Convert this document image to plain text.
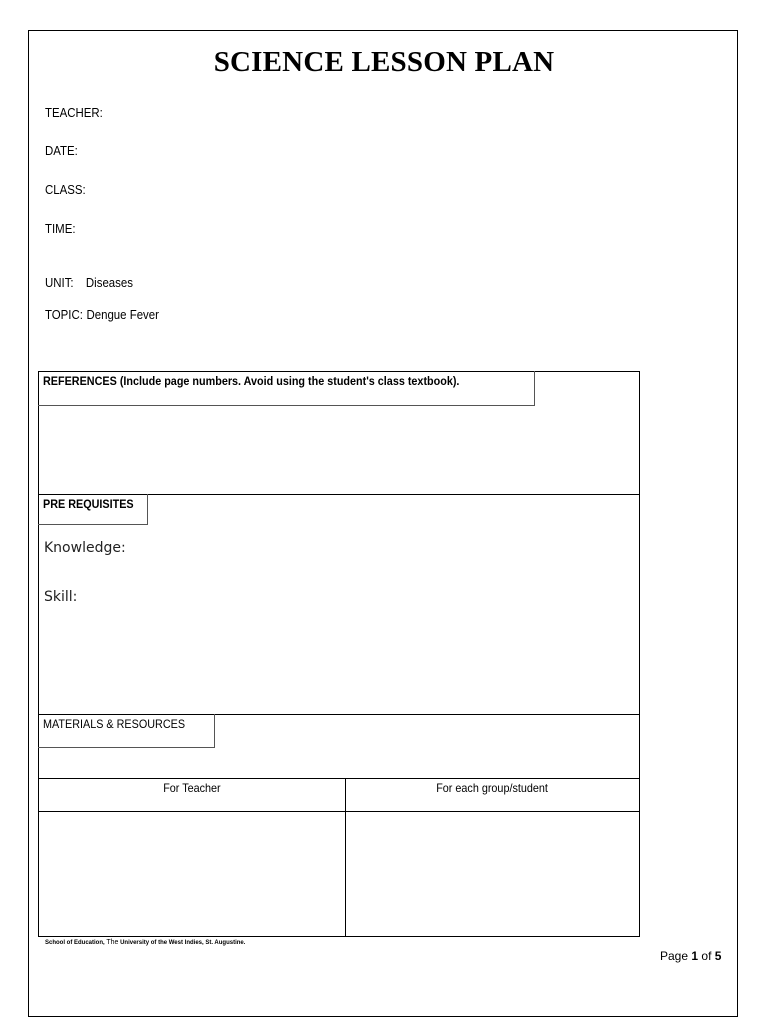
SCIENCE LESSON PLAN
TEACHER:
DATE:
CLASS:
TIME:
UNIT: Diseases
TOPIC: Dengue Fever
REFERENCES (Include page numbers. Avoid using the student's class textbook).
PRE REQUISITES
Knowledge:
Skill:
MATERIALS & RESOURCES
For Teacher	For each group/student
School of Education, The University of the West Indies, St. Augustine.
Page 1 of 5
